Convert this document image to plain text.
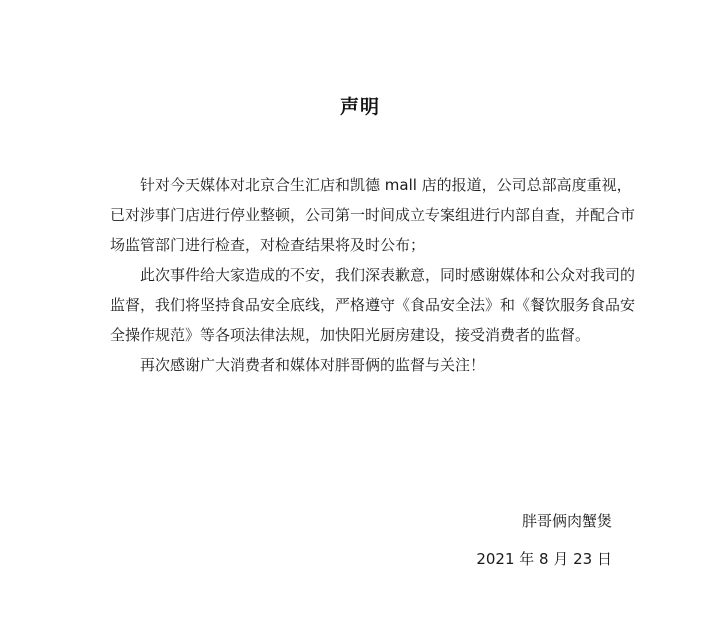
声明

针对今天媒体对北京合生汇店和凯德 mall 店的报道，公司总部高度重视，
已对涉事门店进行停业整顿，公司第一时间成立专案组进行内部自查，并配合市
场监管部门进行检查，对检查结果将及时公布；

此次事件给大家造成的不安，我们深表歉意，同时感谢媒体和公众对我司的
监督，我们将坚持食品安全底线，严格遵守《食品安全法》和《餐饮服务食品安
全操作规范》等各项法律法规，加快阳光厨房建设，接受消费者的监督。

再次感谢广大消费者和媒体对胖哥俩的监督与关注！

胖哥俩肉蟹煲
2021 年 8 月 23 日
